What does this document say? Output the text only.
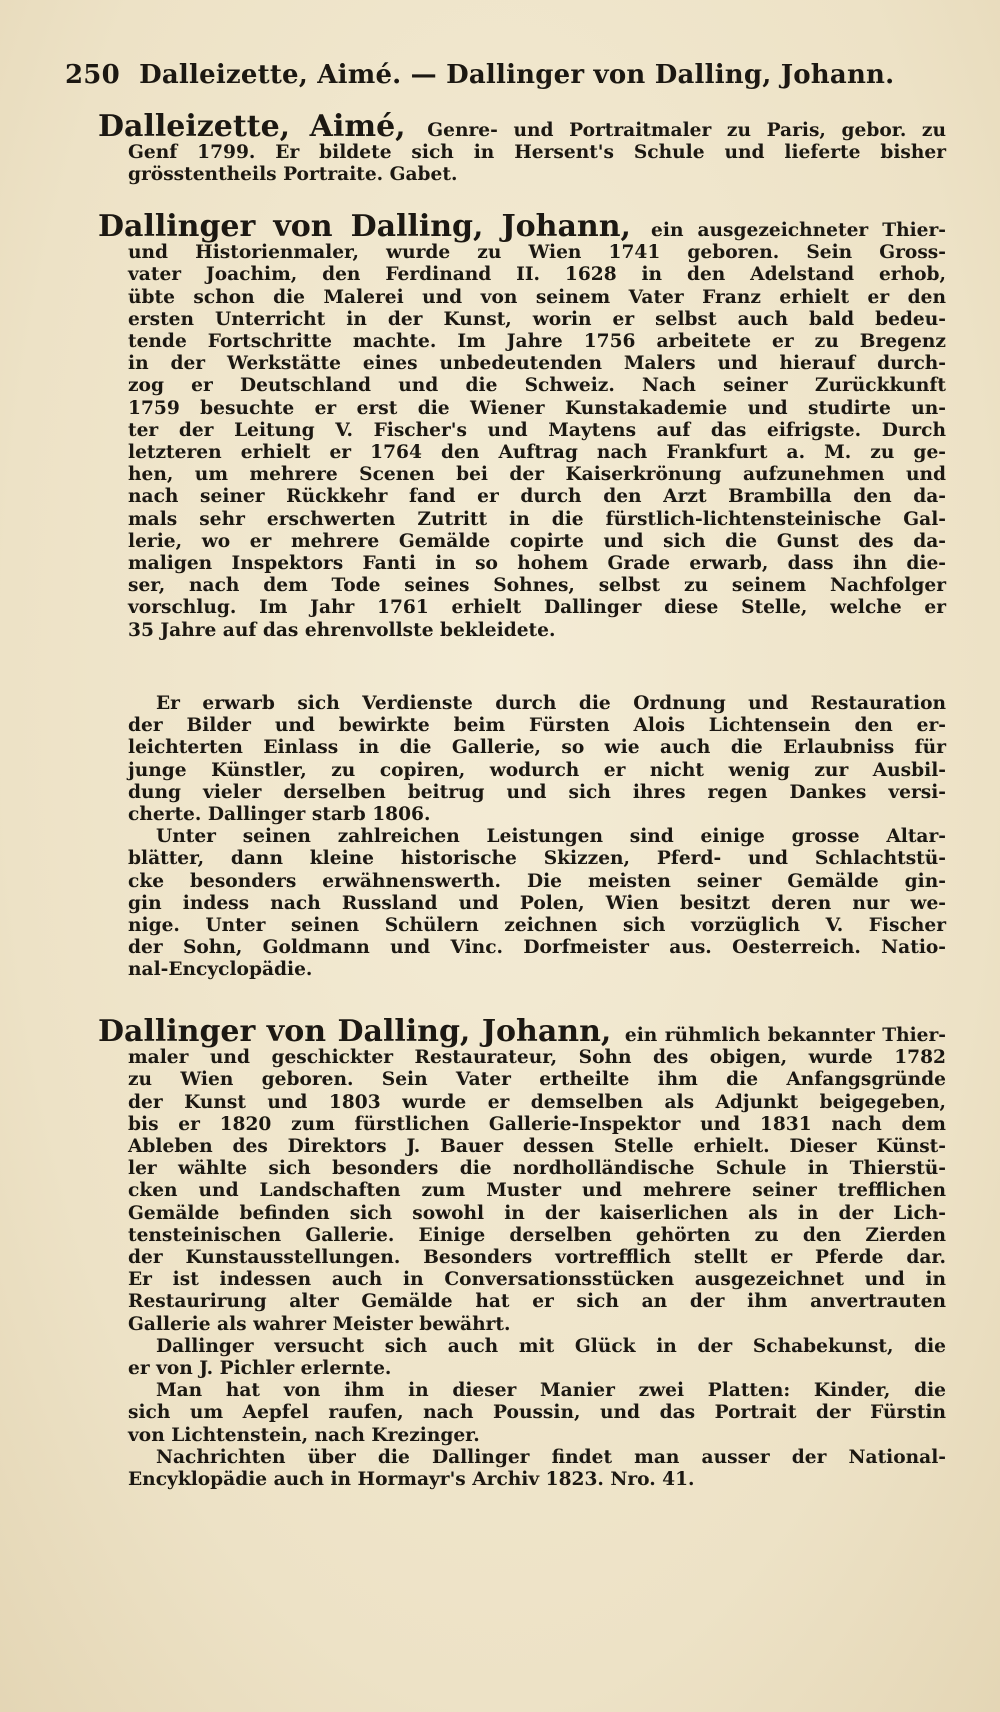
250 Dalleizette, Aimé. — Dallinger von Dalling, Johann.
Dalleizette, Aimé, Genre- und Portraitmaler zu Paris, gebor. zu
Genf 1799. Er bildete sich in Hersent's Schule und lieferte bisher
grösstentheils Portraite. Gabet.
Dallinger von Dalling, Johann, ein ausgezeichneter Thier-
und Historienmaler, wurde zu Wien 1741 geboren. Sein Gross-
vater Joachim, den Ferdinand II. 1628 in den Adelstand erhob,
übte schon die Malerei und von seinem Vater Franz erhielt er den
ersten Unterricht in der Kunst, worin er selbst auch bald bedeu-
tende Fortschritte machte. Im Jahre 1756 arbeitete er zu Bregenz
in der Werkstätte eines unbedeutenden Malers und hierauf durch-
zog er Deutschland und die Schweiz. Nach seiner Zurückkunft
1759 besuchte er erst die Wiener Kunstakademie und studirte un-
ter der Leitung V. Fischer's und Maytens auf das eifrigste. Durch
letzteren erhielt er 1764 den Auftrag nach Frankfurt a. M. zu ge-
hen, um mehrere Scenen bei der Kaiserkrönung aufzunehmen und
nach seiner Rückkehr fand er durch den Arzt Brambilla den da-
mals sehr erschwerten Zutritt in die fürstlich-lichtensteinische Gal-
lerie, wo er mehrere Gemälde copirte und sich die Gunst des da-
maligen Inspektors Fanti in so hohem Grade erwarb, dass ihn die-
ser, nach dem Tode seines Sohnes, selbst zu seinem Nachfolger
vorschlug. Im Jahr 1761 erhielt Dallinger diese Stelle, welche er
35 Jahre auf das ehrenvollste bekleidete.
Er erwarb sich Verdienste durch die Ordnung und Restauration
der Bilder und bewirkte beim Fürsten Alois Lichtensein den er-
leichterten Einlass in die Gallerie, so wie auch die Erlaubniss für
junge Künstler, zu copiren, wodurch er nicht wenig zur Ausbil-
dung vieler derselben beitrug und sich ihres regen Dankes versi-
cherte. Dallinger starb 1806.
Unter seinen zahlreichen Leistungen sind einige grosse Altar-
blätter, dann kleine historische Skizzen, Pferd- und Schlachtstü-
cke besonders erwähnenswerth. Die meisten seiner Gemälde gin-
gin indess nach Russland und Polen, Wien besitzt deren nur we-
nige. Unter seinen Schülern zeichnen sich vorzüglich V. Fischer
der Sohn, Goldmann und Vinc. Dorfmeister aus. Oesterreich. Natio-
nal-Encyclopädie.
Dallinger von Dalling, Johann, ein rühmlich bekannter Thier-
maler und geschickter Restaurateur, Sohn des obigen, wurde 1782
zu Wien geboren. Sein Vater ertheilte ihm die Anfangsgründe
der Kunst und 1803 wurde er demselben als Adjunkt beigegeben,
bis er 1820 zum fürstlichen Gallerie-Inspektor und 1831 nach dem
Ableben des Direktors J. Bauer dessen Stelle erhielt. Dieser Künst-
ler wählte sich besonders die nordholländische Schule in Thierstü-
cken und Landschaften zum Muster und mehrere seiner trefflichen
Gemälde befinden sich sowohl in der kaiserlichen als in der Lich-
tensteinischen Gallerie. Einige derselben gehörten zu den Zierden
der Kunstausstellungen. Besonders vortrefflich stellt er Pferde dar.
Er ist indessen auch in Conversationsstücken ausgezeichnet und in
Restaurirung alter Gemälde hat er sich an der ihm anvertrauten
Gallerie als wahrer Meister bewährt.
Dallinger versucht sich auch mit Glück in der Schabekunst, die
er von J. Pichler erlernte.
Man hat von ihm in dieser Manier zwei Platten: Kinder, die
sich um Aepfel raufen, nach Poussin, und das Portrait der Fürstin
von Lichtenstein, nach Krezinger.
Nachrichten über die Dallinger findet man ausser der National-
Encyklopädie auch in Hormayr's Archiv 1823. Nro. 41.
